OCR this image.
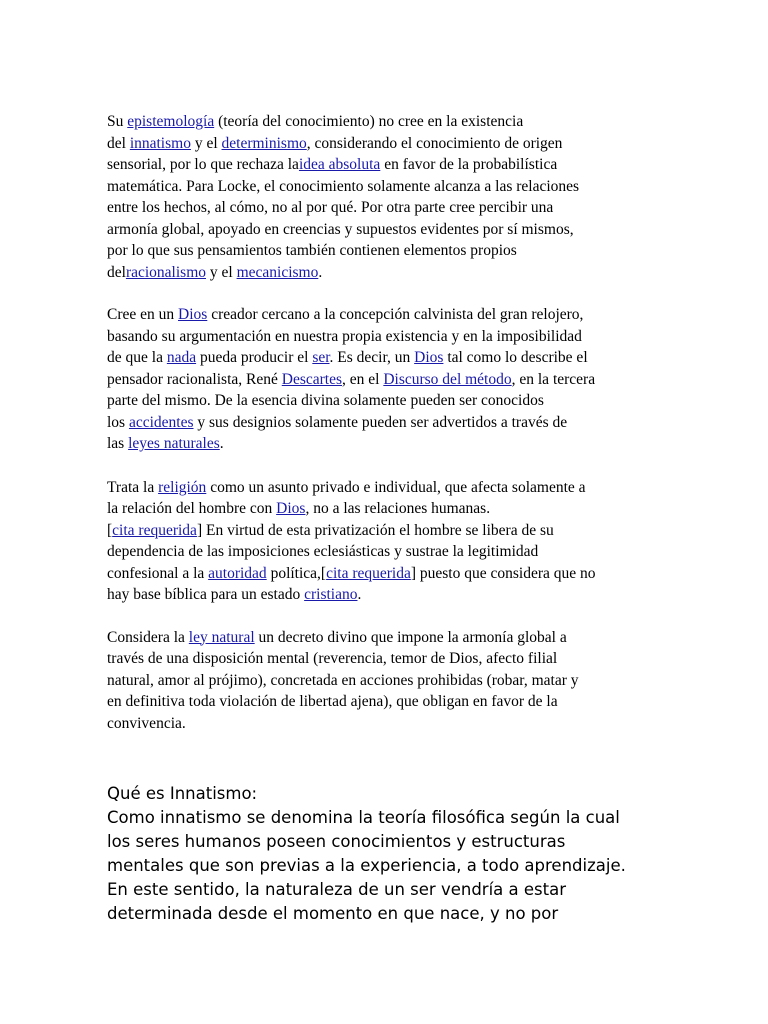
Su epistemología (teoría del conocimiento) no cree en la existencia
del innatismo y el determinismo, considerando el conocimiento de origen
sensorial, por lo que rechaza laidea absoluta en favor de la probabilística
matemática. Para Locke, el conocimiento solamente alcanza a las relaciones
entre los hechos, al cómo, no al por qué. Por otra parte cree percibir una
armonía global, apoyado en creencias y supuestos evidentes por sí mismos,
por lo que sus pensamientos también contienen elementos propios
delracionalismo y el mecanicismo.

Cree en un Dios creador cercano a la concepción calvinista del gran relojero,
basando su argumentación en nuestra propia existencia y en la imposibilidad
de que la nada pueda producir el ser. Es decir, un Dios tal como lo describe el
pensador racionalista, René Descartes, en el Discurso del método, en la tercera
parte del mismo. De la esencia divina solamente pueden ser conocidos
los accidentes y sus designios solamente pueden ser advertidos a través de
las leyes naturales.

Trata la religión como un asunto privado e individual, que afecta solamente a
la relación del hombre con Dios, no a las relaciones humanas.
[cita requerida] En virtud de esta privatización el hombre se libera de su
dependencia de las imposiciones eclesiásticas y sustrae la legitimidad
confesional a la autoridad política,[cita requerida] puesto que considera que no
hay base bíblica para un estado cristiano.

Considera la ley natural un decreto divino que impone la armonía global a
través de una disposición mental (reverencia, temor de Dios, afecto filial
natural, amor al prójimo), concretada en acciones prohibidas (robar, matar y
en definitiva toda violación de libertad ajena), que obligan en favor de la
convivencia.

Qué es Innatismo:
Como innatismo se denomina la teoría filosófica según la cual
los seres humanos poseen conocimientos y estructuras
mentales que son previas a la experiencia, a todo aprendizaje.
En este sentido, la naturaleza de un ser vendría a estar
determinada desde el momento en que nace, y no por
